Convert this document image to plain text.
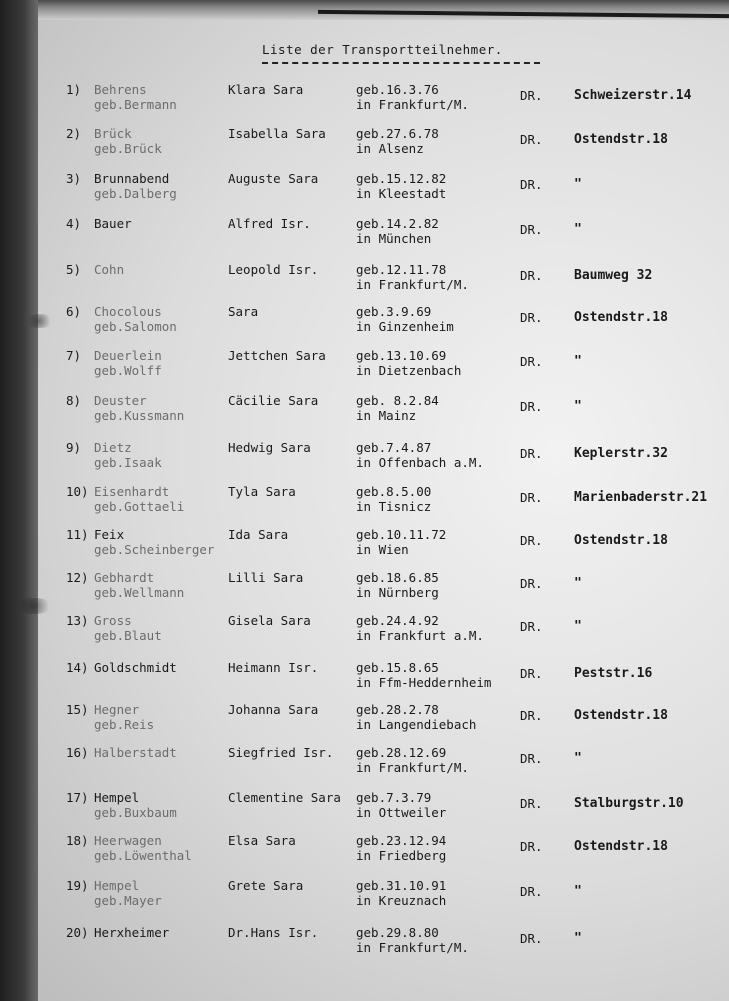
Liste der Transportteilnehmer.
1) Behrens	Klara Sara	geb.16.3.76	DR. Schweizerstr.14
geb.Bermann	in Frankfurt/M.
2) Brück	Isabella Sara geb.27.6.78	DR. Ostendstr.18
geb.Brück	in Alsenz
3) Brunnabend	Auguste Sara	geb.15.12.82	DR. "
geb.Dalberg	in Kleestadt
4) Bauer	Alfred Isr.	geb.14.2.82	DR. "
in München
5) Cohn	Leopold Isr.	geb.12.11.78	DR. Baumweg 32
in Frankfurt/M.
6) Chocolous	Sara	geb.3.9.69	DR. Ostendstr.18
geb.Salomon	in Ginzenheim
7) Deuerlein	Jettchen Sara geb.13.10.69	DR. "
geb.Wolff	in Dietzenbach
8) Deuster	Cäcilie Sara	geb. 8.2.84	DR. "
geb.Kussmann	in Mainz
9) Dietz	Hedwig Sara	geb.7.4.87	DR. Keplerstr.32
geb.Isaak	in Offenbach a.M.
10) Eisenhardt	Tyla Sara	geb.8.5.00	DR. Marienbaderstr.21
geb.Gottaeli	in Tisnicz
11) Feix	Ida Sara	geb.10.11.72	DR. Ostendstr.18
geb.Scheinberger	in Wien
12) Gebhardt	Lilli Sara	geb.18.6.85	DR. "
geb.Wellmann	in Nürnberg
13) Gross	Gisela Sara	geb.24.4.92	DR. "
geb.Blaut	in Frankfurt a.M.
14) Goldschmidt	Heimann Isr.	geb.15.8.65	DR. Peststr.16
in Ffm-Heddernheim
15) Hegner	Johanna Sara	geb.28.2.78	DR. Ostendstr.18
geb.Reis	in Langendiebach
16) Halberstadt	Siegfried Isr. geb.28.12.69	DR. "
in Frankfurt/M.
17) Hempel	Clementine Sara geb.7.3.79	DR. Stalburgstr.10
geb.Buxbaum	in Ottweiler
18) Heerwagen	Elsa Sara	geb.23.12.94	DR. Ostendstr.18
geb.Löwenthal	in Friedberg
19) Hempel	Grete Sara	geb.31.10.91	DR. "
geb.Mayer	in Kreuznach
20) Herxheimer	Dr.Hans Isr.	geb.29.8.80	DR. "
in Frankfurt/M.
